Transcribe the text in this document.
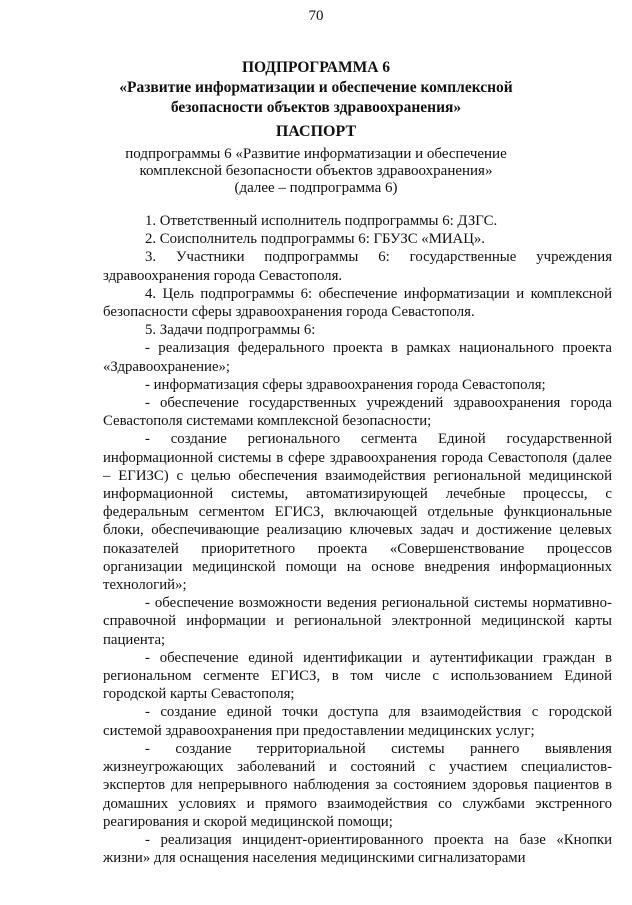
70
ПОДПРОГРАММА 6
«Развитие информатизации и обеспечение комплексной
безопасности объектов здравоохранения»
ПАСПОРТ
подпрограммы 6 «Развитие информатизации и обеспечение
комплексной безопасности объектов здравоохранения»
(далее – подпрограмма 6)

1. Ответственный исполнитель подпрограммы 6: ДЗГС.

2. Соисполнитель подпрограммы 6: ГБУЗС «МИАЦ».

3. Участники подпрограммы 6: государственные учреждения здравоохранения города Севастополя.

4. Цель подпрограммы 6: обеспечение информатизации и комплексной безопасности сферы здравоохранения города Севастополя.

5. Задачи подпрограммы 6:

- реализация федерального проекта в рамках национального проекта «Здравоохранение»;

- информатизация сферы здравоохранения города Севастополя;

- обеспечение государственных учреждений здравоохранения города Севастополя системами комплексной безопасности;

- создание регионального сегмента Единой государственной информационной системы в сфере здравоохранения города Севастополя (далее – ЕГИЗС) с целью обеспечения взаимодействия региональной медицинской информационной системы, автоматизирующей лечебные процессы, с федеральным сегментом ЕГИСЗ, включающей отдельные функциональные блоки, обеспечивающие реализацию ключевых задач и достижение целевых показателей приоритетного проекта «Совершенствование процессов организации медицинской помощи на основе внедрения информационных технологий»;

- обеспечение возможности ведения региональной системы нормативно-справочной информации и региональной электронной медицинской карты пациента;

- обеспечение единой идентификации и аутентификации граждан в региональном сегменте ЕГИСЗ, в том числе с использованием Единой городской карты Севастополя;

- создание единой точки доступа для взаимодействия с городской системой здравоохранения при предоставлении медицинских услуг;

- создание территориальной системы раннего выявления жизнеугрожающих заболеваний и состояний с участием специалистов-экспертов для непрерывного наблюдения за состоянием здоровья пациентов в домашних условиях и прямого взаимодействия со службами экстренного реагирования и скорой медицинской помощи;

- реализация инцидент-ориентированного проекта на базе «Кнопки жизни» для оснащения населения медицинскими сигнализаторами
